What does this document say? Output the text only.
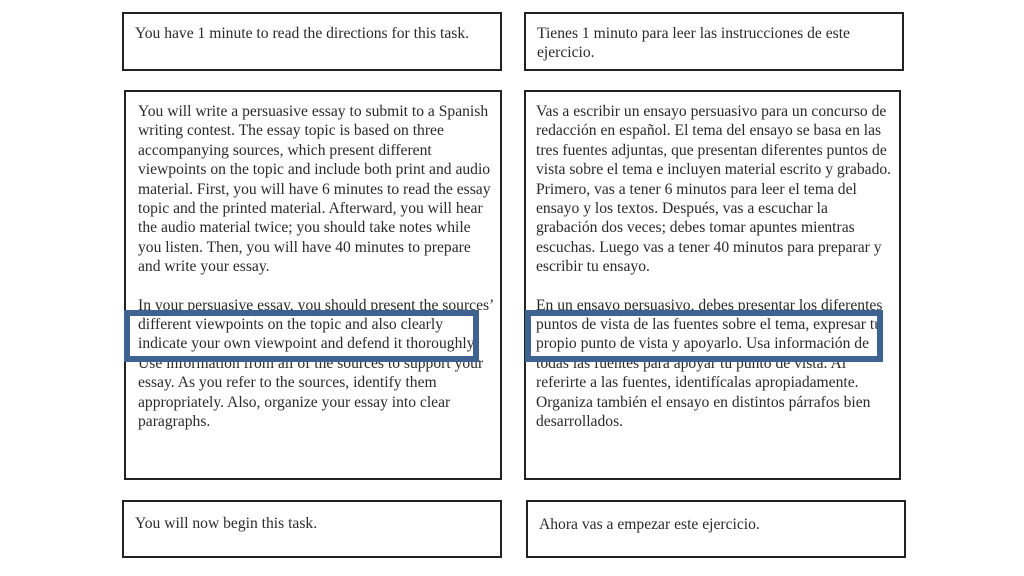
You have 1 minute to read the directions for this task.	Tienes 1 minuto para leer las instrucciones de este ejercicio.

You will write a persuasive essay to submit to a Spanish writing contest. The essay topic is based on three accompanying sources, which present different viewpoints on the topic and include both print and audio material. First, you will have 6 minutes to read the essay topic and the printed material. Afterward, you will hear the audio material twice; you should take notes while you listen. Then, you will have 40 minutes to prepare and write your essay.

In your persuasive essay, you should present the sources’ different viewpoints on the topic and also clearly indicate your own viewpoint and defend it thoroughly. Use information from all of the sources to support your essay. As you refer to the sources, identify them appropriately. Also, organize your essay into clear paragraphs.

Vas a escribir un ensayo persuasivo para un concurso de redacción en español. El tema del ensayo se basa en las tres fuentes adjuntas, que presentan diferentes puntos de vista sobre el tema e incluyen material escrito y grabado. Primero, vas a tener 6 minutos para leer el tema del ensayo y los textos. Después, vas a escuchar la grabación dos veces; debes tomar apuntes mientras escuchas. Luego vas a tener 40 minutos para preparar y escribir tu ensayo.

En un ensayo persuasivo, debes presentar los diferentes puntos de vista de las fuentes sobre el tema, expresar tu propio punto de vista y apoyarlo. Usa información de todas las fuentes para apoyar tu punto de vista. Al referirte a las fuentes, identifícalas apropiadamente. Organiza también el ensayo en distintos párrafos bien desarrollados.

You will now begin this task.	Ahora vas a empezar este ejercicio.
